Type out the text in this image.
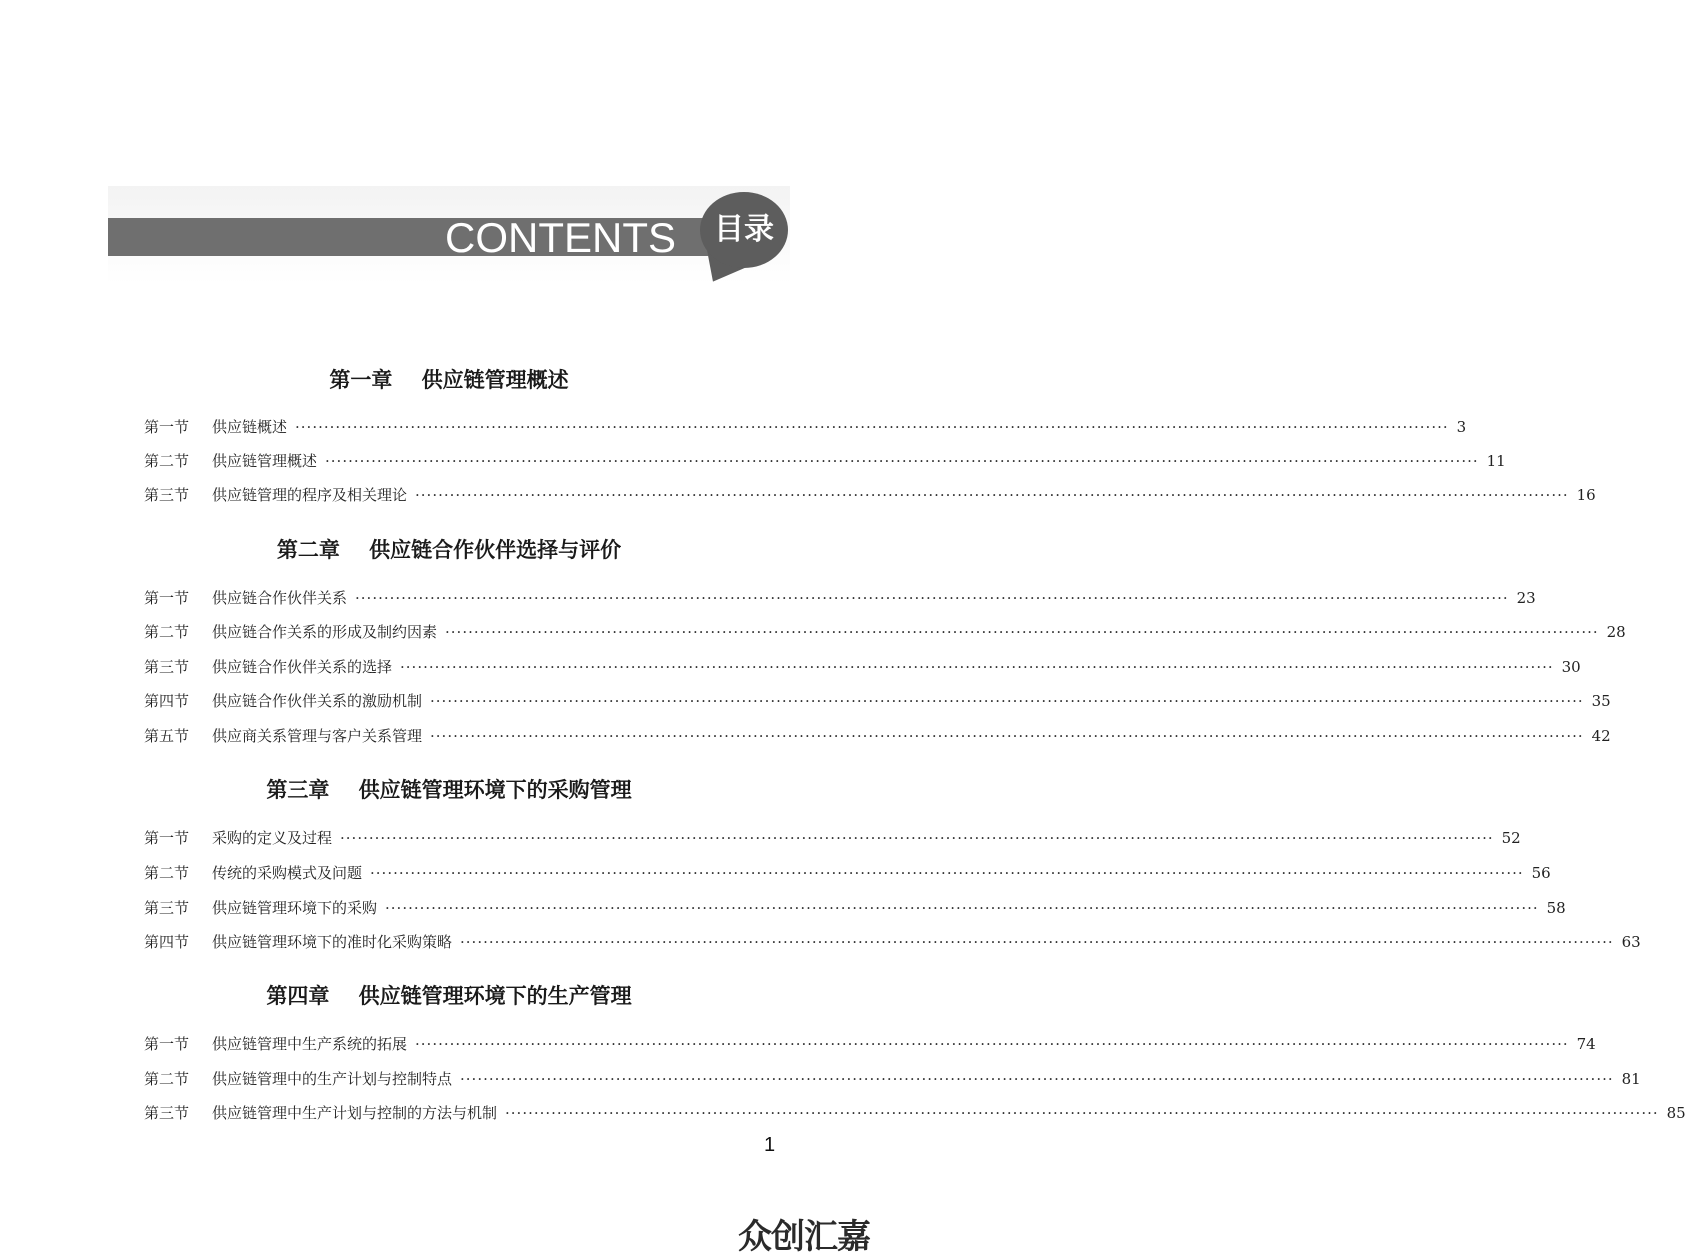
CONTENTS	目录
第一章    供应链管理概述
第一节	供应链概述 ········································································································································································································ 3
第二节	供应链管理概述 ········································································································································································································ 11
第三节	供应链管理的程序及相关理论 ········································································································································································································ 16
第二章    供应链合作伙伴选择与评价
第一节	供应链合作伙伴关系 ········································································································································································································ 23
第二节	供应链合作关系的形成及制约因素 ········································································································································································································ 28
第三节	供应链合作伙伴关系的选择 ········································································································································································································ 30
第四节	供应链合作伙伴关系的激励机制 ········································································································································································································ 35
第五节	供应商关系管理与客户关系管理 ········································································································································································································ 42
第三章    供应链管理环境下的采购管理
第一节	采购的定义及过程 ········································································································································································································ 52
第二节	传统的采购模式及问题 ········································································································································································································ 56
第三节	供应链管理环境下的采购 ········································································································································································································ 58
第四节	供应链管理环境下的准时化采购策略 ········································································································································································································ 63
第四章    供应链管理环境下的生产管理
第一节	供应链管理中生产系统的拓展 ········································································································································································································ 74
第二节	供应链管理中的生产计划与控制特点 ········································································································································································································ 81
第三节	供应链管理中生产计划与控制的方法与机制 ········································································································································································································ 85
1
众创汇嘉
